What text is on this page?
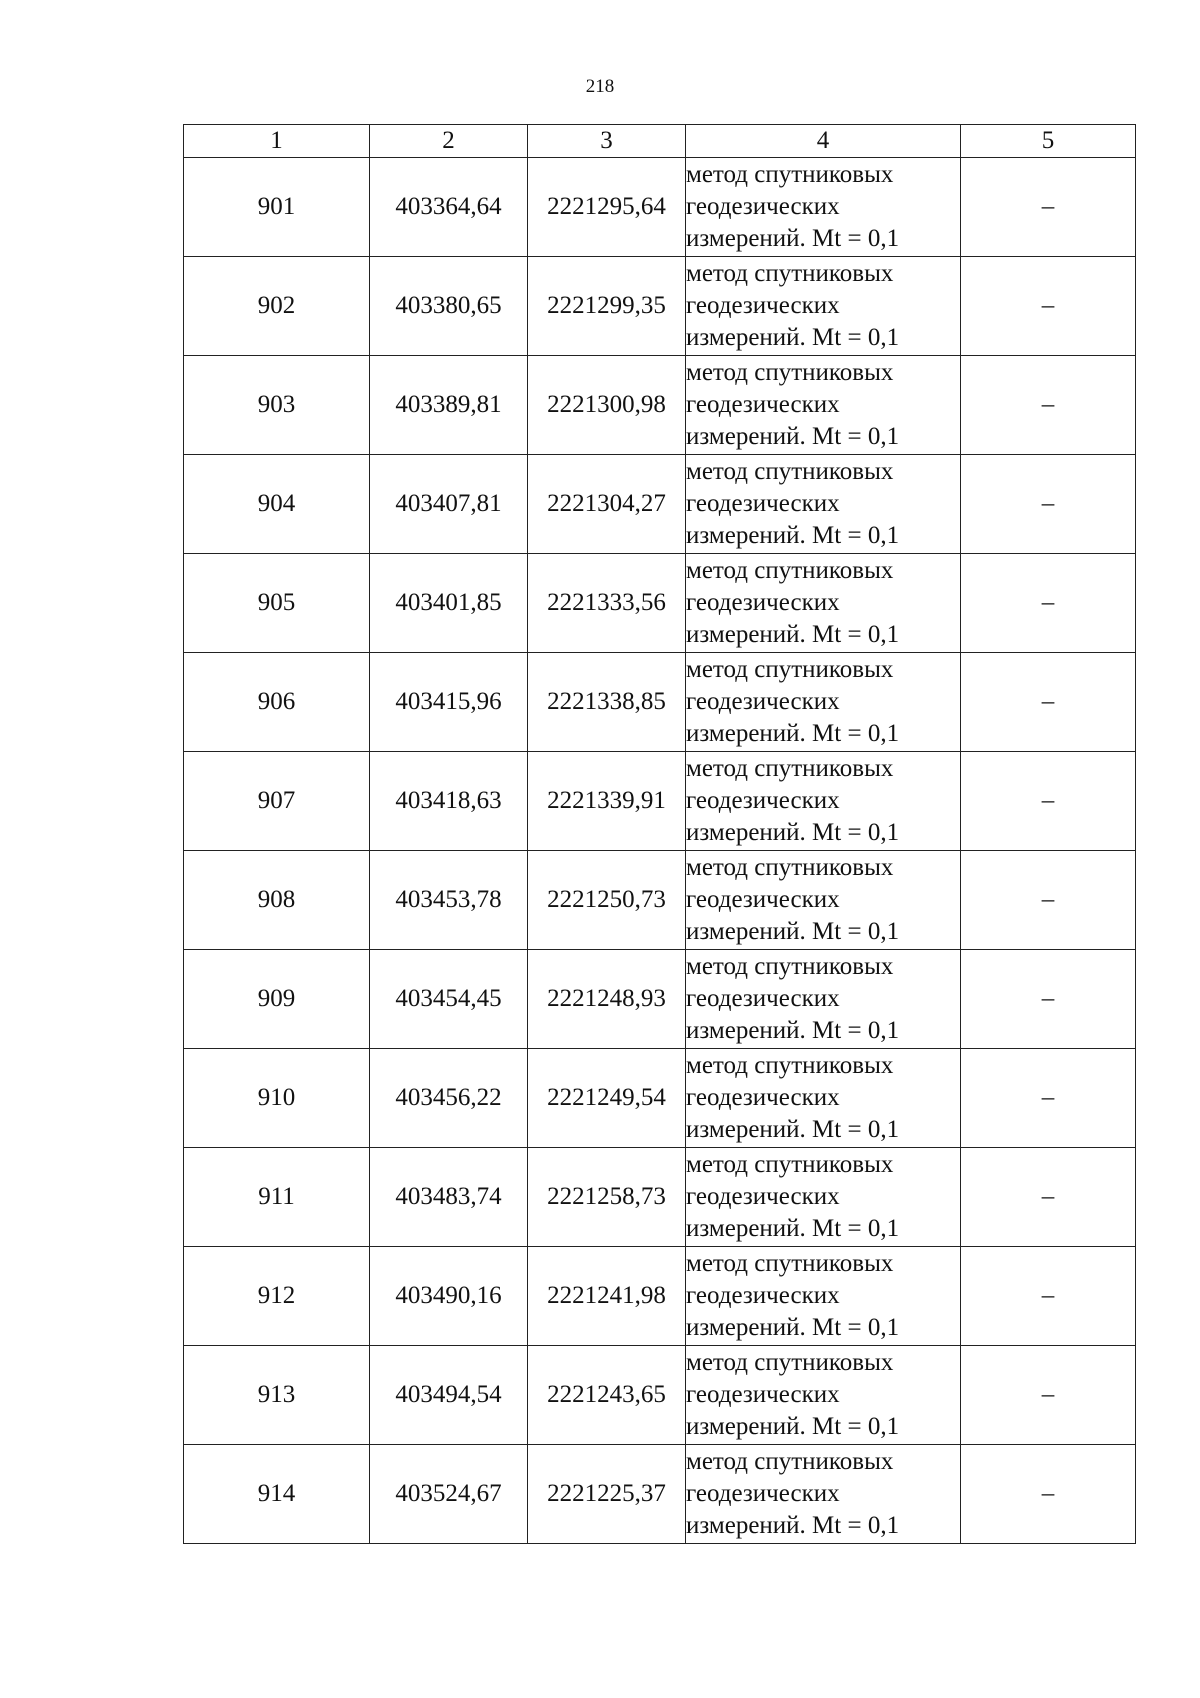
218
1	2	3	4	5
901	403364,64	2221295,64	метод спутниковых
геодезических
измерений. Mt = 0,1	–
902	403380,65	2221299,35	метод спутниковых
геодезических
измерений. Mt = 0,1	–
903	403389,81	2221300,98	метод спутниковых
геодезических
измерений. Mt = 0,1	–
904	403407,81	2221304,27	метод спутниковых
геодезических
измерений. Mt = 0,1	–
905	403401,85	2221333,56	метод спутниковых
геодезических
измерений. Mt = 0,1	–
906	403415,96	2221338,85	метод спутниковых
геодезических
измерений. Mt = 0,1	–
907	403418,63	2221339,91	метод спутниковых
геодезических
измерений. Mt = 0,1	–
908	403453,78	2221250,73	метод спутниковых
геодезических
измерений. Mt = 0,1	–
909	403454,45	2221248,93	метод спутниковых
геодезических
измерений. Mt = 0,1	–
910	403456,22	2221249,54	метод спутниковых
геодезических
измерений. Mt = 0,1	–
911	403483,74	2221258,73	метод спутниковых
геодезических
измерений. Mt = 0,1	–
912	403490,16	2221241,98	метод спутниковых
геодезических
измерений. Mt = 0,1	–
913	403494,54	2221243,65	метод спутниковых
геодезических
измерений. Mt = 0,1	–
914	403524,67	2221225,37	метод спутниковых
геодезических
измерений. Mt = 0,1	–
